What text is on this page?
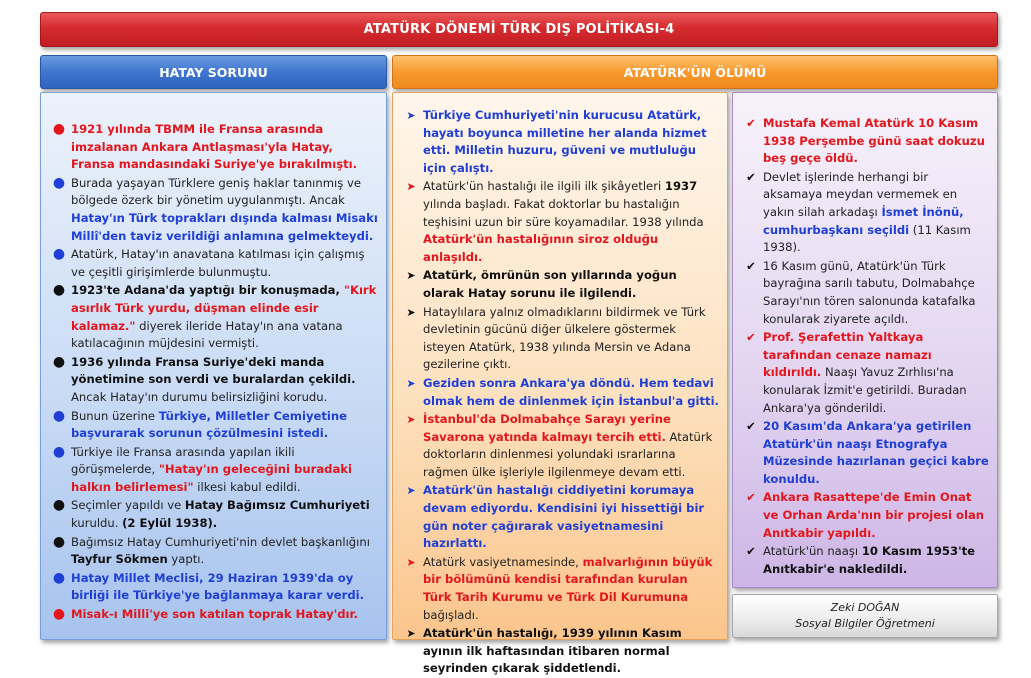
ATATÜRK DÖNEMİ TÜRK DIŞ POLİTİKASI-4
HATAY SORUNU	ATATÜRK'ÜN ÖLÜMÜ
● 1921 yılında TBMM ile Fransa arasında imzalanan Ankara Antlaşması'yla Hatay, Fransa mandasındaki Suriye'ye bırakılmıştı.
● Burada yaşayan Türklere geniş haklar tanınmış ve bölgede özerk bir yönetim uygulanmıştı. Ancak Hatay'ın Türk toprakları dışında kalması Misakı Millî'den taviz verildiği anlamına gelmekteydi.
● Atatürk, Hatay'ın anavatana katılması için çalışmış ve çeşitli girişimlerde bulunmuştu.
● 1923'te Adana'da yaptığı bir konuşmada, "Kırk asırlık Türk yurdu, düşman elinde esir kalamaz." diyerek ileride Hatay'ın ana vatana katılacağının müjdesini vermişti.
● 1936 yılında Fransa Suriye'deki manda yönetimine son verdi ve buralardan çekildi. Ancak Hatay'ın durumu belirsizliğini korudu.
● Bunun üzerine Türkiye, Milletler Cemiyetine başvurarak sorunun çözülmesini istedi.
● Türkiye ile Fransa arasında yapılan ikili görüşmelerde, "Hatay'ın geleceğini buradaki halkın belirlemesi" ilkesi kabul edildi.
● Seçimler yapıldı ve Hatay Bağımsız Cumhuriyeti kuruldu. (2 Eylül 1938).
● Bağımsız Hatay Cumhuriyeti'nin devlet başkanlığını Tayfur Sökmen yaptı.
● Hatay Millet Meclisi, 29 Haziran 1939'da oy birliği ile Türkiye'ye bağlanmaya karar verdi.
● Misak-ı Milli'ye son katılan toprak Hatay'dır.
➤ Türkiye Cumhuriyeti'nin kurucusu Atatürk, hayatı boyunca milletine her alanda hizmet etti. Milletin huzuru, güveni ve mutluluğu için çalıştı.
➤ Atatürk'ün hastalığı ile ilgili ilk şikâyetleri 1937 yılında başladı. Fakat doktorlar bu hastalığın teşhisini uzun bir süre koyamadılar. 1938 yılında Atatürk'ün hastalığının siroz olduğu anlaşıldı.
➤ Atatürk, ömrünün son yıllarında yoğun olarak Hatay sorunu ile ilgilendi.
➤ Hataylılara yalnız olmadıklarını bildirmek ve Türk devletinin gücünü diğer ülkelere göstermek isteyen Atatürk, 1938 yılında Mersin ve Adana gezilerine çıktı.
➤ Geziden sonra Ankara'ya döndü. Hem tedavi olmak hem de dinlenmek için İstanbul'a gitti.
➤ İstanbul'da Dolmabahçe Sarayı yerine Savarona yatında kalmayı tercih etti. Atatürk doktorların dinlenmesi yolundaki ısrarlarına rağmen ülke işleriyle ilgilenmeye devam etti.
➤ Atatürk'ün hastalığı ciddiyetini korumaya devam ediyordu. Kendisini iyi hissettiği bir gün noter çağırarak vasiyetnamesini hazırlattı.
➤ Atatürk vasiyetnamesinde, malvarlığının büyük bir bölümünü kendisi tarafından kurulan Türk Tarih Kurumu ve Türk Dil Kurumuna bağışladı.
➤ Atatürk'ün hastalığı, 1939 yılının Kasım ayının ilk haftasından itibaren normal seyrinden çıkarak şiddetlendi.
✔ Mustafa Kemal Atatürk 10 Kasım 1938 Perşembe günü saat dokuzu beş geçe öldü.
✔ Devlet işlerinde herhangi bir aksamaya meydan vermemek en yakın silah arkadaşı İsmet İnönü, cumhurbaşkanı seçildi (11 Kasım 1938).
✔ 16 Kasım günü, Atatürk'ün Türk bayrağına sarılı tabutu, Dolmabahçe Sarayı'nın tören salonunda katafalka konularak ziyarete açıldı.
✔ Prof. Şerafettin Yaltkaya tarafından cenaze namazı kıldırıldı. Naaşı Yavuz Zırhlısı'na konularak İzmit'e getirildi. Buradan Ankara'ya gönderildi.
✔ 20 Kasım'da Ankara'ya getirilen Atatürk'ün naaşı Etnografya Müzesinde hazırlanan geçici kabre konuldu.
✔ Ankara Rasattepe'de Emin Onat ve Orhan Arda'nın bir projesi olan Anıtkabir yapıldı.
✔ Atatürk'ün naaşı 10 Kasım 1953'te Anıtkabir'e nakledildi.
Zeki DOĞAN
Sosyal Bilgiler Öğretmeni
